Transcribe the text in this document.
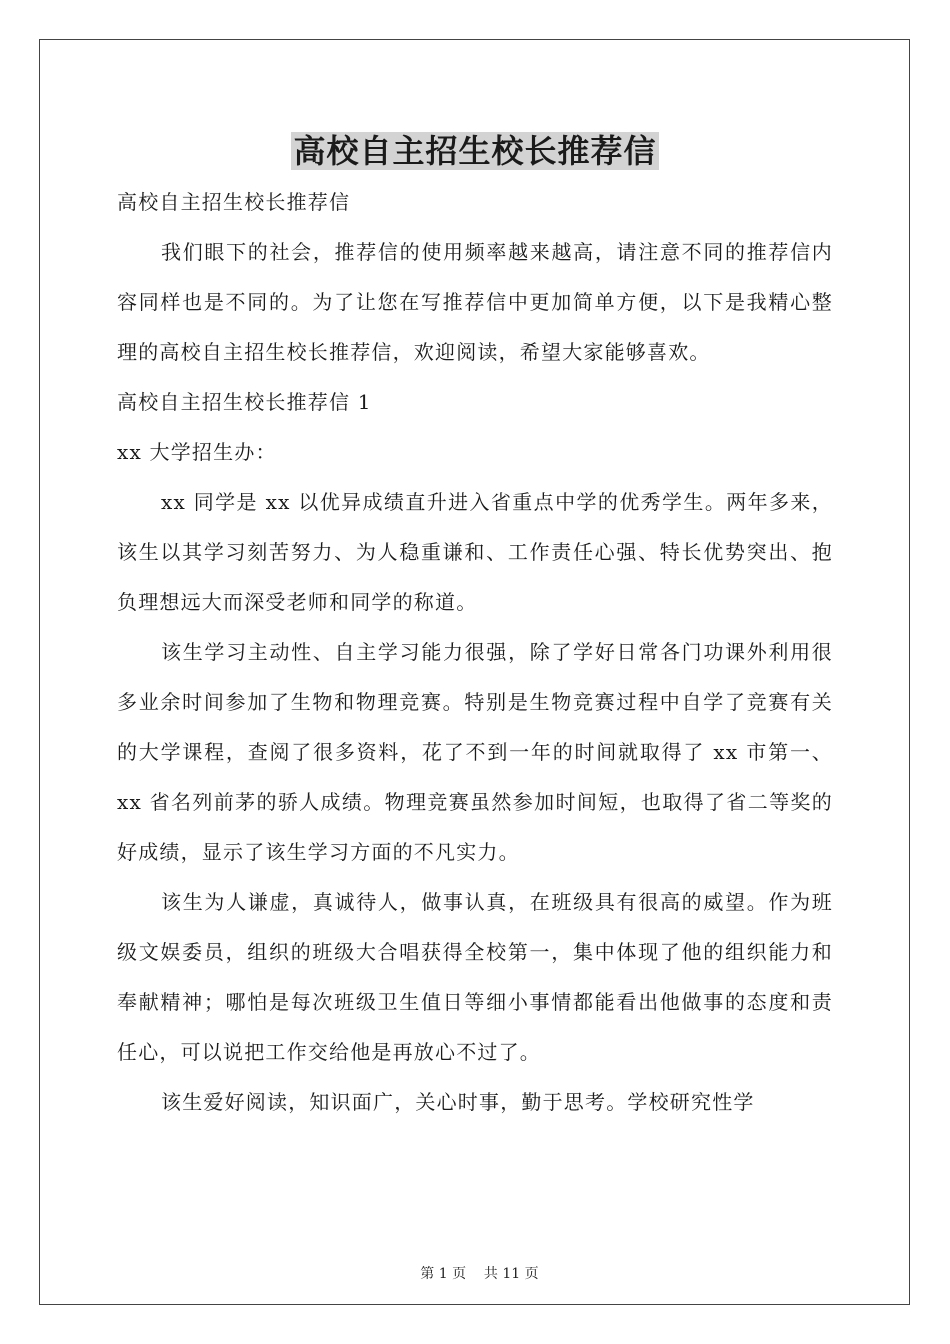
高校自主招生校长推荐信

高校自主招生校长推荐信

我们眼下的社会，推荐信的使用频率越来越高，请注意不同的推荐信内容同样也是不同的。为了让您在写推荐信中更加简单方便，以下是我精心整理的高校自主招生校长推荐信，欢迎阅读，希望大家能够喜欢。

高校自主招生校长推荐信 1

xx 大学招生办：

xx 同学是 xx 以优异成绩直升进入省重点中学的优秀学生。两年多来，该生以其学习刻苦努力、为人稳重谦和、工作责任心强、特长优势突出、抱负理想远大而深受老师和同学的称道。

该生学习主动性、自主学习能力很强，除了学好日常各门功课外利用很多业余时间参加了生物和物理竞赛。特别是生物竞赛过程中自学了竞赛有关的大学课程，查阅了很多资料，花了不到一年的时间就取得了 xx 市第一、xx 省名列前茅的骄人成绩。物理竞赛虽然参加时间短，也取得了省二等奖的好成绩，显示了该生学习方面的不凡实力。

该生为人谦虚，真诚待人，做事认真，在班级具有很高的威望。作为班级文娱委员，组织的班级大合唱获得全校第一，集中体现了他的组织能力和奉献精神；哪怕是每次班级卫生值日等细小事情都能看出他做事的态度和责任心，可以说把工作交给他是再放心不过了。

该生爱好阅读，知识面广，关心时事，勤于思考。学校研究性学

第 1 页    共 11 页
